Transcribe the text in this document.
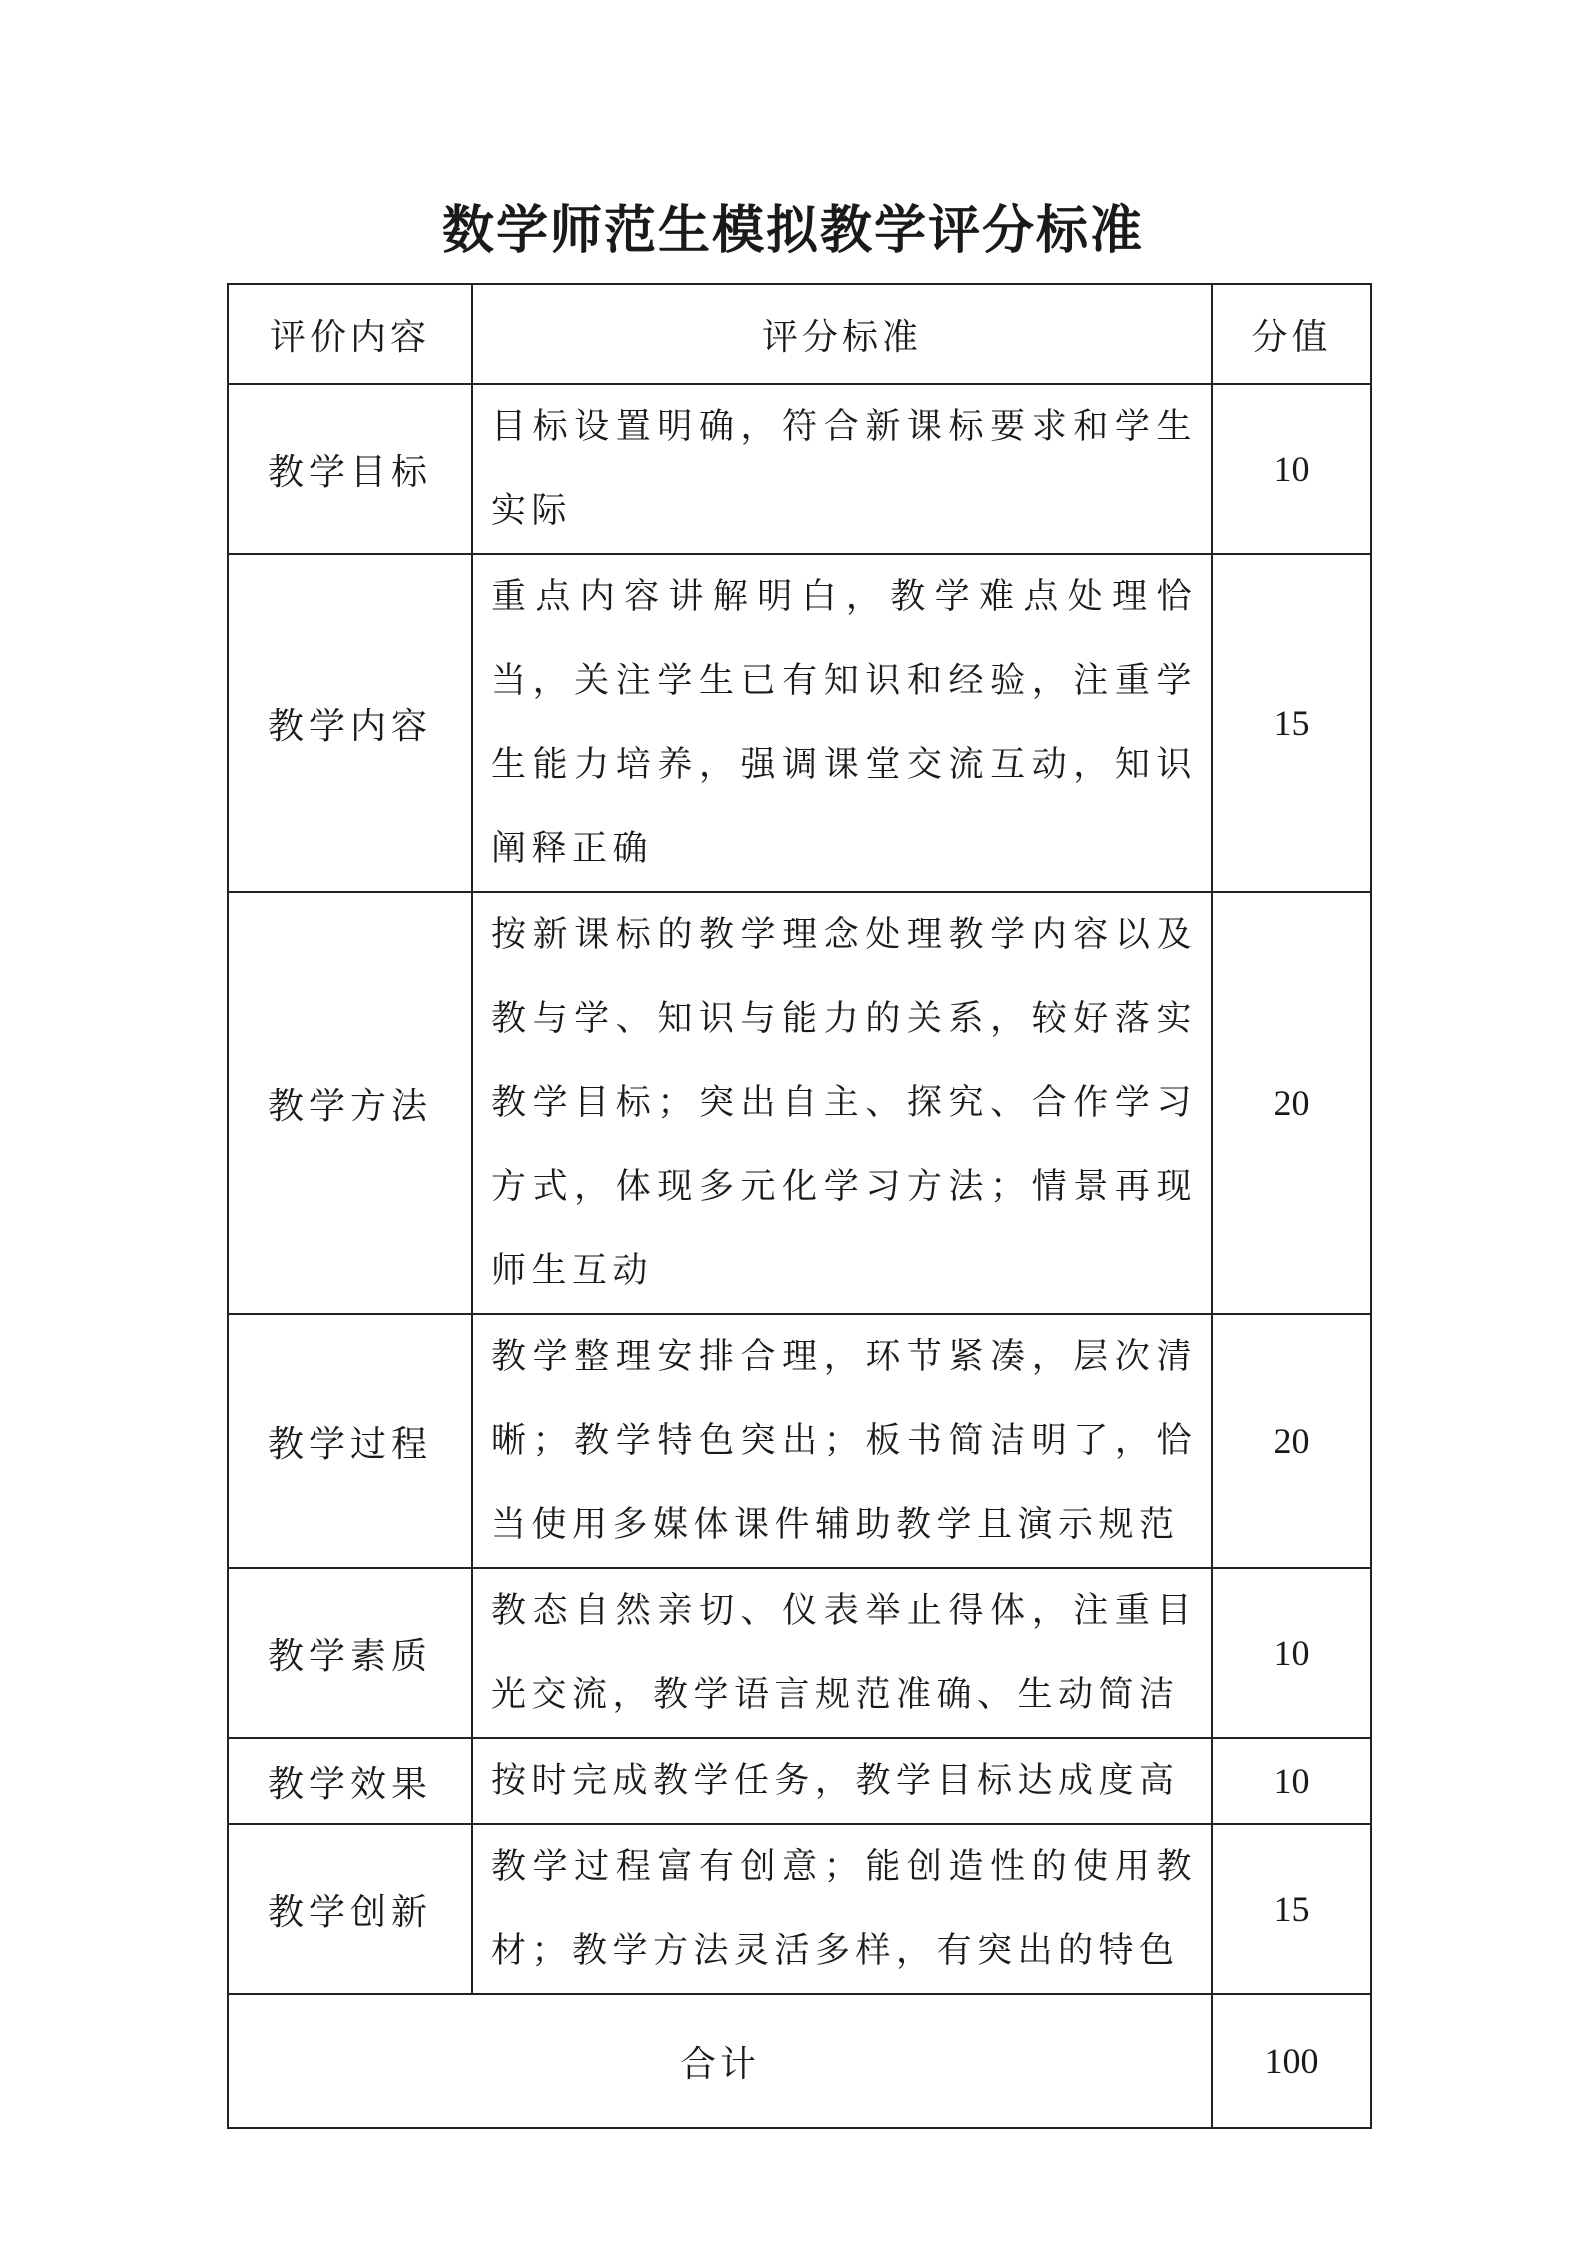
数学师范生模拟教学评分标准
评价内容	评分标准	分值
教学目标	目标设置明确，符合新课标要求和学生实际	10
教学内容	重点内容讲解明白，教学难点处理恰当，关注学生已有知识和经验，注重学生能力培养，强调课堂交流互动，知识阐释正确	15
教学方法	按新课标的教学理念处理教学内容以及教与学、知识与能力的关系，较好落实教学目标；突出自主、探究、合作学习方式，体现多元化学习方法；情景再现师生互动	20
教学过程	教学整理安排合理，环节紧凑，层次清晰；教学特色突出；板书简洁明了，恰当使用多媒体课件辅助教学且演示规范	20
教学素质	教态自然亲切、仪表举止得体，注重目光交流，教学语言规范准确、生动简洁	10
教学效果	按时完成教学任务，教学目标达成度高	10
教学创新	教学过程富有创意；能创造性的使用教材；教学方法灵活多样，有突出的特色	15
合计		100
